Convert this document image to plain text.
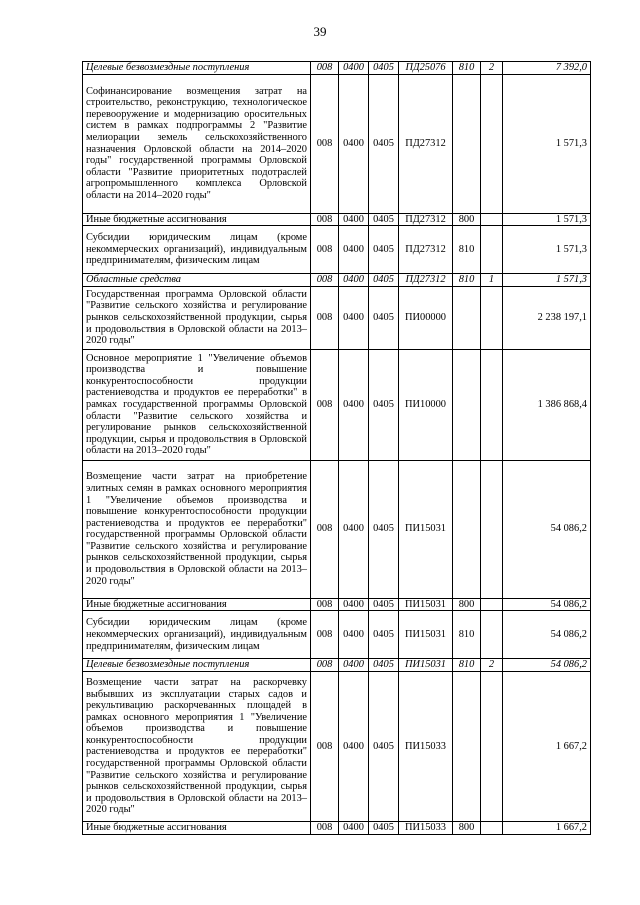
39
Целевые безвозмездные поступления	008	0400	0405	ПД25076	810	2	7 392,0
Софинансирование возмещения затрат на строительство, реконструкцию, технологическое перевооружение и модернизацию оросительных систем в рамках подпрограммы 2 "Развитие мелиорации земель сельскохозяйственного назначения Орловской области на 2014–2020 годы" государственной программы Орловской области "Развитие приоритетных подотраслей агропромышленного комплекса Орловской области на 2014–2020 годы"	008	0400	0405	ПД27312			1 571,3
Иные бюджетные ассигнования	008	0400	0405	ПД27312	800		1 571,3
Субсидии юридическим лицам (кроме некоммерческих организаций), индивидуальным предпринимателям, физическим лицам	008	0400	0405	ПД27312	810		1 571,3
Областные средства	008	0400	0405	ПД27312	810	1	1 571,3
Государственная программа Орловской области "Развитие сельского хозяйства и регулирование рынков сельскохозяйственной продукции, сырья и продовольствия в Орловской области на 2013–2020 годы"	008	0400	0405	ПИ00000			2 238 197,1
Основное мероприятие 1 "Увеличение объемов производства и повышение конкурентоспособности продукции растениеводства и продуктов ее переработки" в рамках государственной программы Орловской области "Развитие сельского хозяйства и регулирование рынков сельскохозяйственной продукции, сырья и продовольствия в Орловской области на 2013–2020 годы"	008	0400	0405	ПИ10000			1 386 868,4
Возмещение части затрат на приобретение элитных семян в рамках основного мероприятия 1 "Увеличение объемов производства и повышение конкурентоспособности продукции растениеводства и продуктов ее переработки" государственной программы Орловской области "Развитие сельского хозяйства и регулирование рынков сельскохозяйственной продукции, сырья и продовольствия в Орловской области на 2013–2020 годы"	008	0400	0405	ПИ15031			54 086,2
Иные бюджетные ассигнования	008	0400	0405	ПИ15031	800		54 086,2
Субсидии юридическим лицам (кроме некоммерческих организаций), индивидуальным предпринимателям, физическим лицам	008	0400	0405	ПИ15031	810		54 086,2
Целевые безвозмездные поступления	008	0400	0405	ПИ15031	810	2	54 086,2
Возмещение части затрат на раскорчевку выбывших из эксплуатации старых садов и рекультивацию раскорчеванных площадей в рамках основного мероприятия 1 "Увеличение объемов производства и повышение конкурентоспособности продукции растениеводства и продуктов ее переработки" государственной программы Орловской области "Развитие сельского хозяйства и регулирование рынков сельскохозяйственной продукции, сырья и продовольствия в Орловской области на 2013–2020 годы"	008	0400	0405	ПИ15033			1 667,2
Иные бюджетные ассигнования	008	0400	0405	ПИ15033	800		1 667,2
